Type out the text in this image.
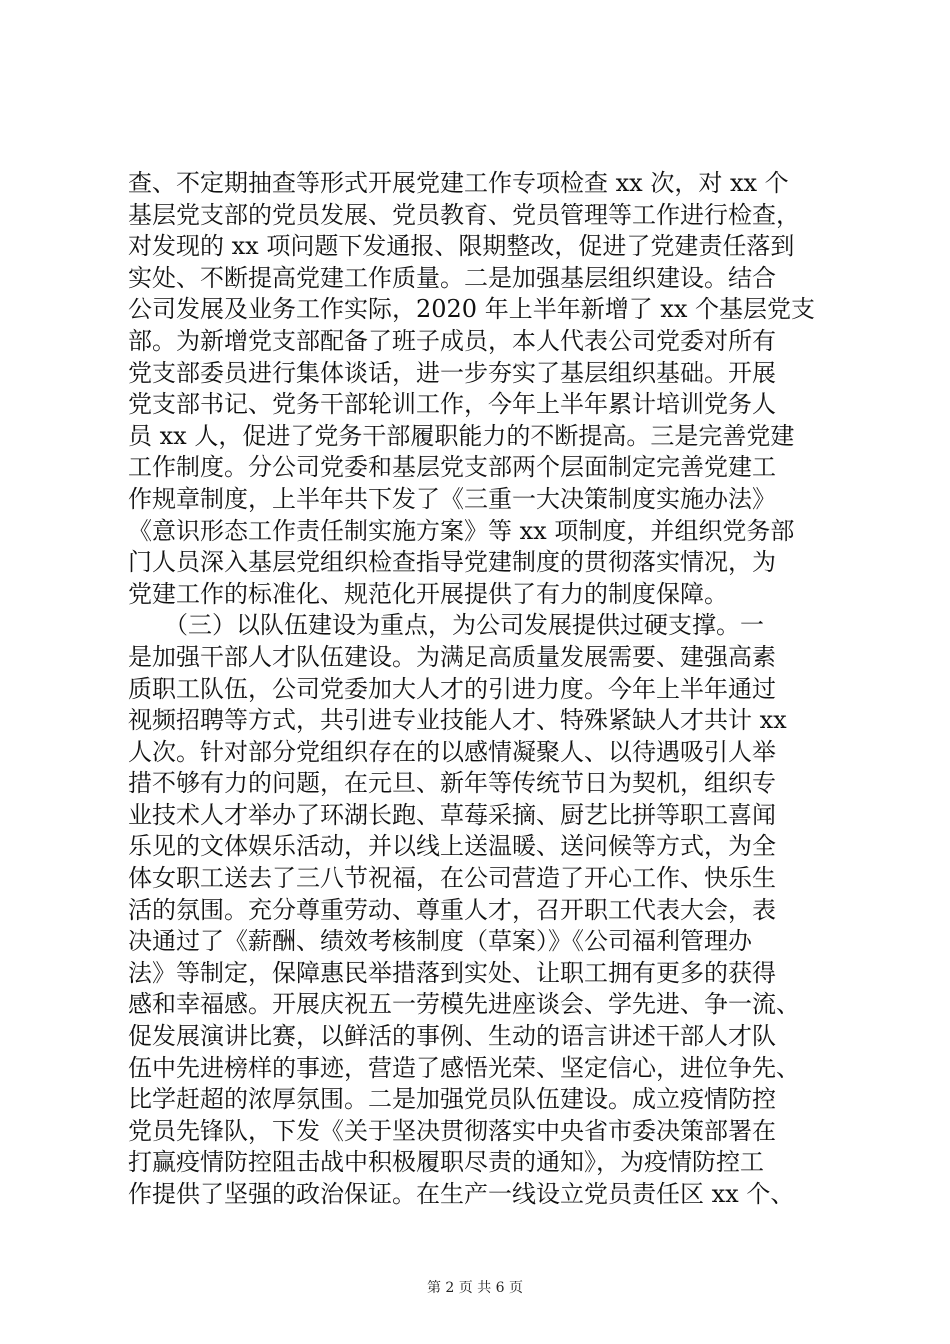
查、不定期抽查等形式开展党建工作专项检查 xx 次，对 xx 个
基层党支部的党员发展、党员教育、党员管理等工作进行检查，
对发现的 xx 项问题下发通报、限期整改，促进了党建责任落到
实处、不断提高党建工作质量。二是加强基层组织建设。结合
公司发展及业务工作实际，2020 年上半年新增了 xx 个基层党支
部。为新增党支部配备了班子成员，本人代表公司党委对所有
党支部委员进行集体谈话，进一步夯实了基层组织基础。开展
党支部书记、党务干部轮训工作，今年上半年累计培训党务人
员 xx 人，促进了党务干部履职能力的不断提高。三是完善党建
工作制度。分公司党委和基层党支部两个层面制定完善党建工
作规章制度，上半年共下发了《三重一大决策制度实施办法》
《意识形态工作责任制实施方案》等 xx 项制度，并组织党务部
门人员深入基层党组织检查指导党建制度的贯彻落实情况，为
党建工作的标准化、规范化开展提供了有力的制度保障。
　　（三）以队伍建设为重点，为公司发展提供过硬支撑。一
是加强干部人才队伍建设。为满足高质量发展需要、建强高素
质职工队伍，公司党委加大人才的引进力度。今年上半年通过
视频招聘等方式，共引进专业技能人才、特殊紧缺人才共计 xx
人次。针对部分党组织存在的以感情凝聚人、以待遇吸引人举
措不够有力的问题，在元旦、新年等传统节日为契机，组织专
业技术人才举办了环湖长跑、草莓采摘、厨艺比拼等职工喜闻
乐见的文体娱乐活动，并以线上送温暖、送问候等方式，为全
体女职工送去了三八节祝福，在公司营造了开心工作、快乐生
活的氛围。充分尊重劳动、尊重人才，召开职工代表大会，表
决通过了《薪酬、绩效考核制度（草案）》《公司福利管理办
法》等制定，保障惠民举措落到实处、让职工拥有更多的获得
感和幸福感。开展庆祝五一劳模先进座谈会、学先进、争一流、
促发展演讲比赛，以鲜活的事例、生动的语言讲述干部人才队
伍中先进榜样的事迹，营造了感悟光荣、坚定信心，进位争先、
比学赶超的浓厚氛围。二是加强党员队伍建设。成立疫情防控
党员先锋队，下发《关于坚决贯彻落实中央省市委决策部署在
打赢疫情防控阻击战中积极履职尽责的通知》，为疫情防控工
作提供了坚强的政治保证。在生产一线设立党员责任区 xx 个、
第 2 页 共 6 页
